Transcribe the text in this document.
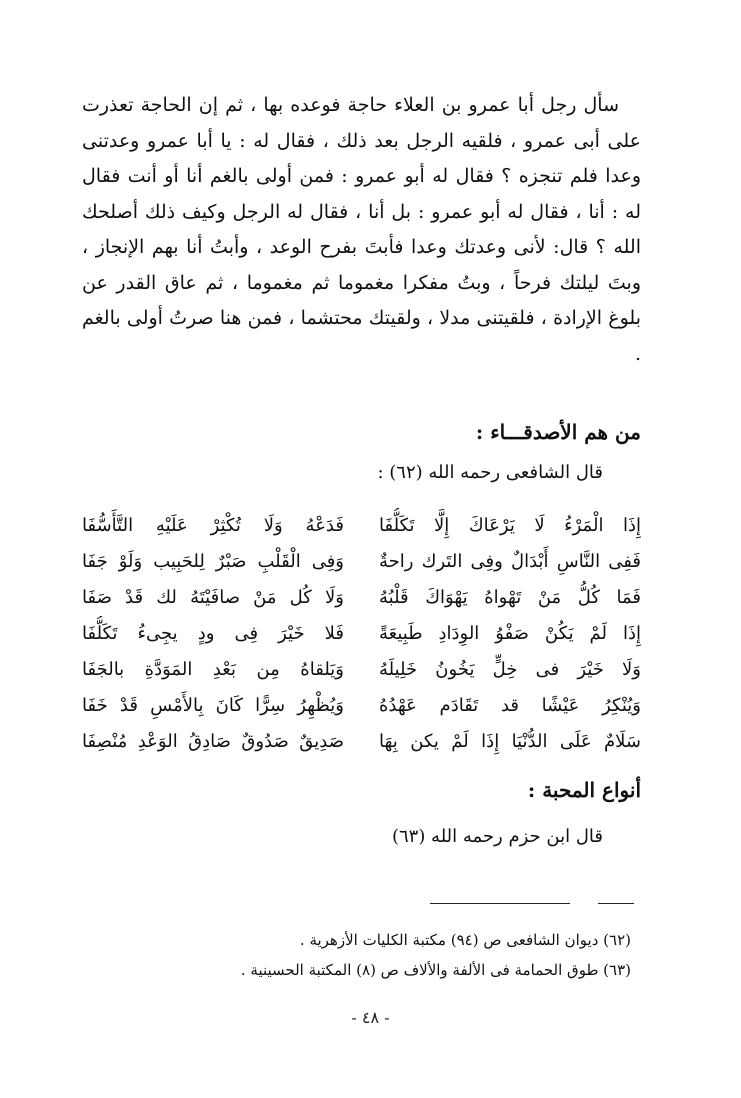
سأل رجل أبا عمرو بن العلاء حاجة فوعده بها ، ثم إن الحاجة تعذرت على أبى عمرو ، فلقيه الرجل بعد ذلك ، فقال له : يا أبا عمرو وعدتنى وعدا فلم تنجزه ؟ فقال له أبو عمرو : فمن أولى بالغم أنا أو أنت فقال له : أنا ، فقال له أبو عمرو : بل أنا ، فقال له الرجل وكيف ذلك أصلحك الله ؟ قال: لأنى وعدتك وعدا فأبتَ بفرح الوعد ، وأبتُ أنا بهم الإنجاز ، وبتَ ليلتك فرحاً ، وبتُ مفكرا مغموما ثم مغموما ، ثم عاق القدر عن بلوغ الإرادة ، فلقيتنى مدلا ، ولقيتك محتشما ، فمن هنا صرتُ أولى بالغم .

من هم الأصدقـــاء :
قال الشافعى رحمه الله (٦٢) :
إِذَا الْمَرْءُ لَا يَرْعَاكَ إِلَّا تَكَلُّفَا
فَدَعْهُ وَلَا تُكْثِرْ عَلَيْهِ التَّأَسُّفَا
فَفِى النَّاسِ أَبْدَالٌ وفِى التَرك راحةٌ
وَفِى الْقَلْبِ صَبْرٌ لِلحَبِيب وَلَوْ جَفَا
فَمَا كُلُّ مَنْ تَهْواهُ يَهْوَاكَ قَلْبُهُ
وَلَا كُل مَنْ صافَيْتَهُ لك قَدْ صَفَا
إِذَا لَمْ يَكُنْ صَفْوُ الوِدَادِ طَبِيعَةً
فَلا خَيْرَ فِى ودٍ يجِىءُ تَكَلُّفَا
وَلَا خَيْرَ فى خِلٍّ يَخُونُ خَلِيلَهُ
وَيَلقاهُ مِن بَعْدِ المَوَدَّةِ بالجَفَا
وَيُنْكِرُ عَيْشًا قد تَقَادَم عَهْدُهُ
وَيُظْهِرُ سِرًّا كَانَ بِالأَمْسِ قَدْ خَفَا
سَلَامٌ عَلَى الدُّنْيَا إِذَا لَمْ يكن بِهَا
صَدِيقٌ صَدُوقٌ صَادِقُ الوَعْدِ مُنْصِفَا
أنواع المحبة :
قال ابن حزم رحمه الله (٦٣)
(٦٢) ديوان الشافعى ص (٩٤) مكتبة الكليات الأزهرية .
(٦٣) طوق الحمامة فى الألفة والألاف ص (٨) المكتبة الحسينية .
- ٤٨ -
